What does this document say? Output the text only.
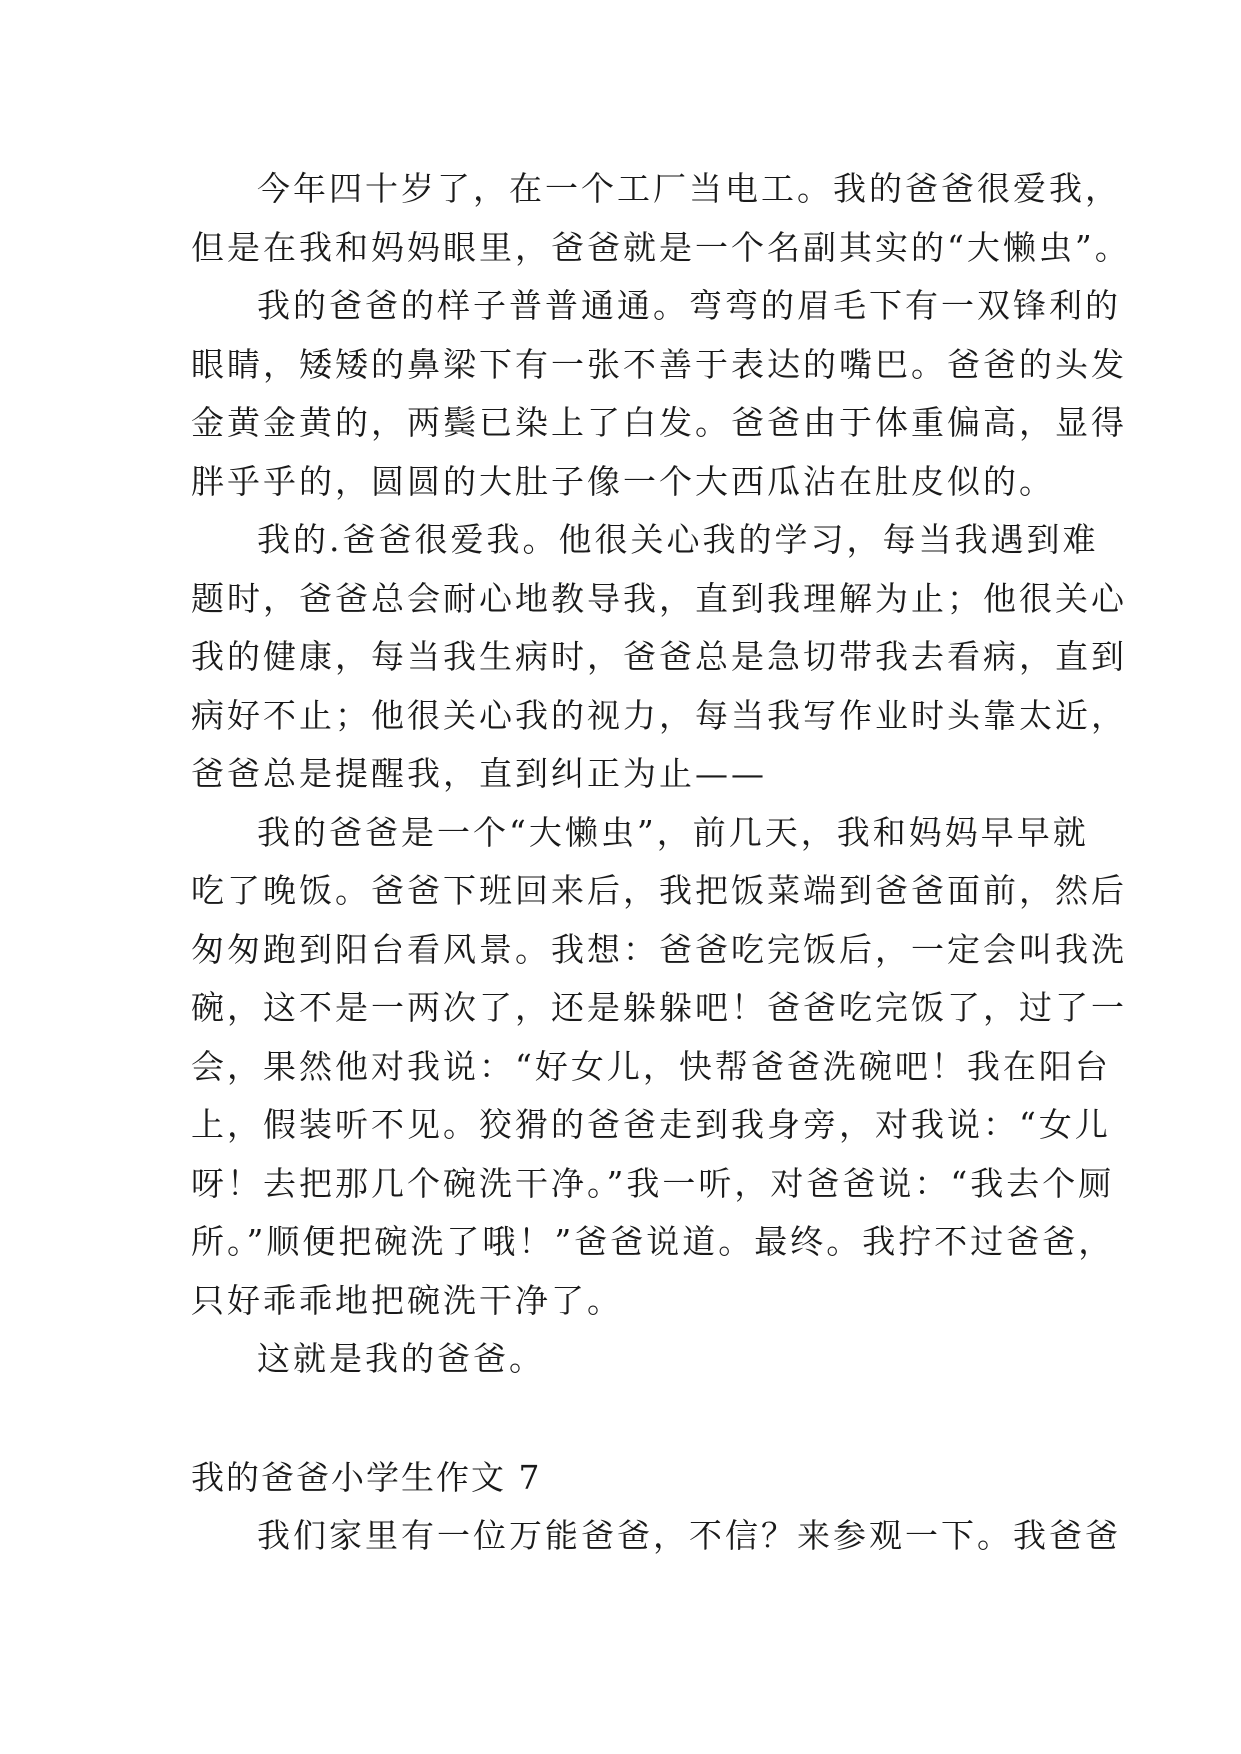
今年四十岁了，在一个工厂当电工。我的爸爸很爱我，
但是在我和妈妈眼里，爸爸就是一个名副其实的“大懒虫”。
我的爸爸的样子普普通通。弯弯的眉毛下有一双锋利的
眼睛，矮矮的鼻梁下有一张不善于表达的嘴巴。爸爸的头发
金黄金黄的，两鬓已染上了白发。爸爸由于体重偏高，显得
胖乎乎的，圆圆的大肚子像一个大西瓜沾在肚皮似的。
我的.爸爸很爱我。他很关心我的学习，每当我遇到难
题时，爸爸总会耐心地教导我，直到我理解为止；他很关心
我的健康，每当我生病时，爸爸总是急切带我去看病，直到
病好不止；他很关心我的视力，每当我写作业时头靠太近，
爸爸总是提醒我，直到纠正为止——
我的爸爸是一个“大懒虫”，前几天，我和妈妈早早就
吃了晚饭。爸爸下班回来后，我把饭菜端到爸爸面前，然后
匆匆跑到阳台看风景。我想：爸爸吃完饭后，一定会叫我洗
碗，这不是一两次了，还是躲躲吧！爸爸吃完饭了，过了一
会，果然他对我说：“好女儿，快帮爸爸洗碗吧！我在阳台
上，假装听不见。狡猾的爸爸走到我身旁，对我说：“女儿
呀！去把那几个碗洗干净。”我一听，对爸爸说：“我去个厕
所。”顺便把碗洗了哦！”爸爸说道。最终。我拧不过爸爸，
只好乖乖地把碗洗干净了。
这就是我的爸爸。
我的爸爸小学生作文 7
我们家里有一位万能爸爸，不信？来参观一下。我爸爸
